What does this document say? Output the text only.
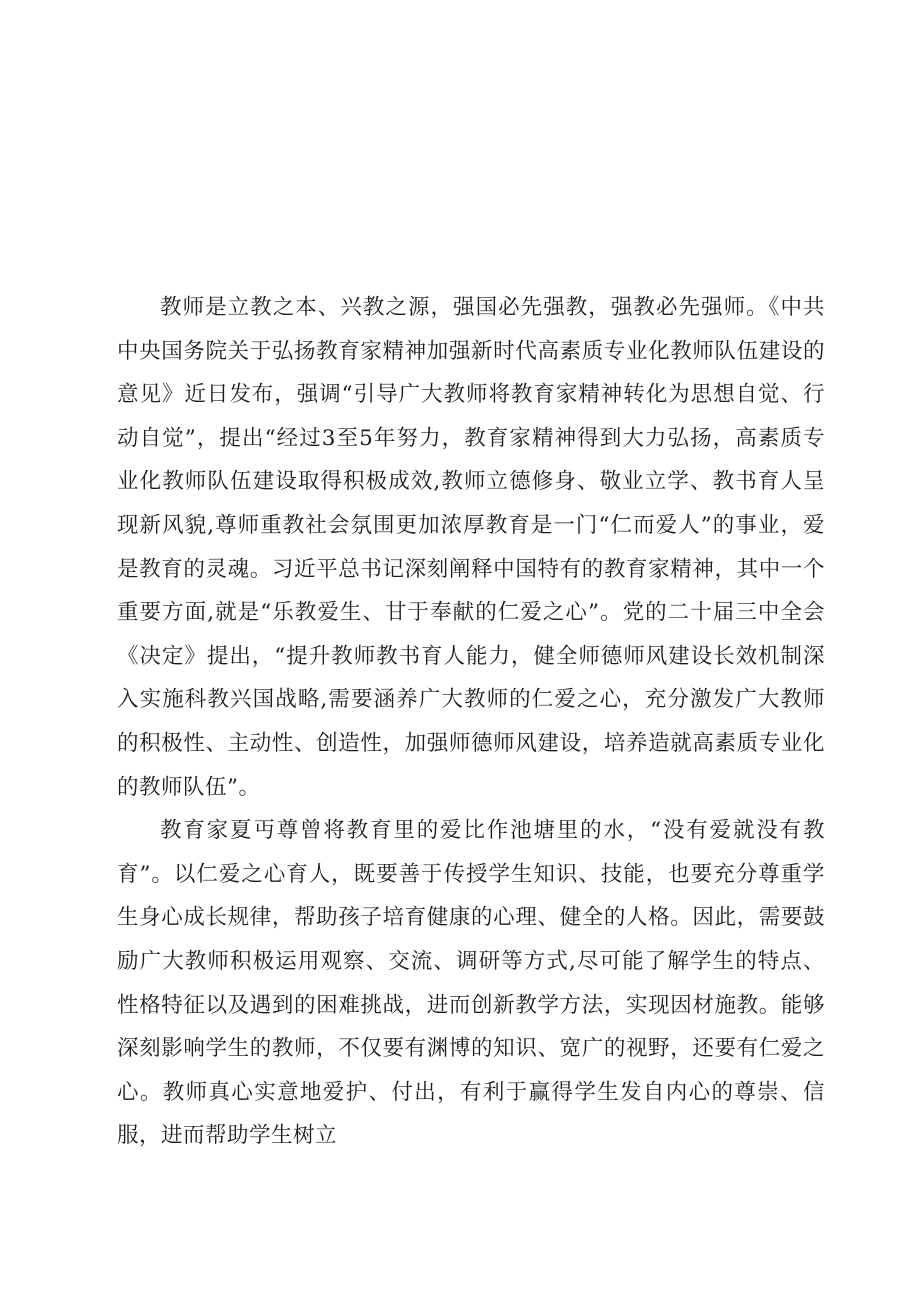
教师是立教之本、兴教之源，强国必先强教，强教必先强师。《中共中央国务院关于弘扬教育家精神加强新时代高素质专业化教师队伍建设的意见》近日发布，强调“引导广大教师将教育家精神转化为思想自觉、行动自觉”，提出“经过3至5年努力，教育家精神得到大力弘扬，高素质专业化教师队伍建设取得积极成效,教师立德修身、敬业立学、教书育人呈现新风貌,尊师重教社会氛围更加浓厚教育是一门“仁而爱人”的事业，爱是教育的灵魂。习近平总书记深刻阐释中国特有的教育家精神，其中一个重要方面,就是“乐教爱生、甘于奉献的仁爱之心”。党的二十届三中全会《决定》提出，“提升教师教书育人能力，健全师德师风建设长效机制深入实施科教兴国战略,需要涵养广大教师的仁爱之心，充分激发广大教师的积极性、主动性、创造性，加强师德师风建设，培养造就高素质专业化的教师队伍”。

教育家夏丏尊曾将教育里的爱比作池塘里的水，“没有爱就没有教育”。以仁爱之心育人，既要善于传授学生知识、技能，也要充分尊重学生身心成长规律，帮助孩子培育健康的心理、健全的人格。因此，需要鼓励广大教师积极运用观察、交流、调研等方式,尽可能了解学生的特点、性格特征以及遇到的困难挑战，进而创新教学方法，实现因材施教。能够深刻影响学生的教师，不仅要有渊博的知识、宽广的视野，还要有仁爱之心。教师真心实意地爱护、付出，有利于赢得学生发自内心的尊崇、信服，进而帮助学生树立
